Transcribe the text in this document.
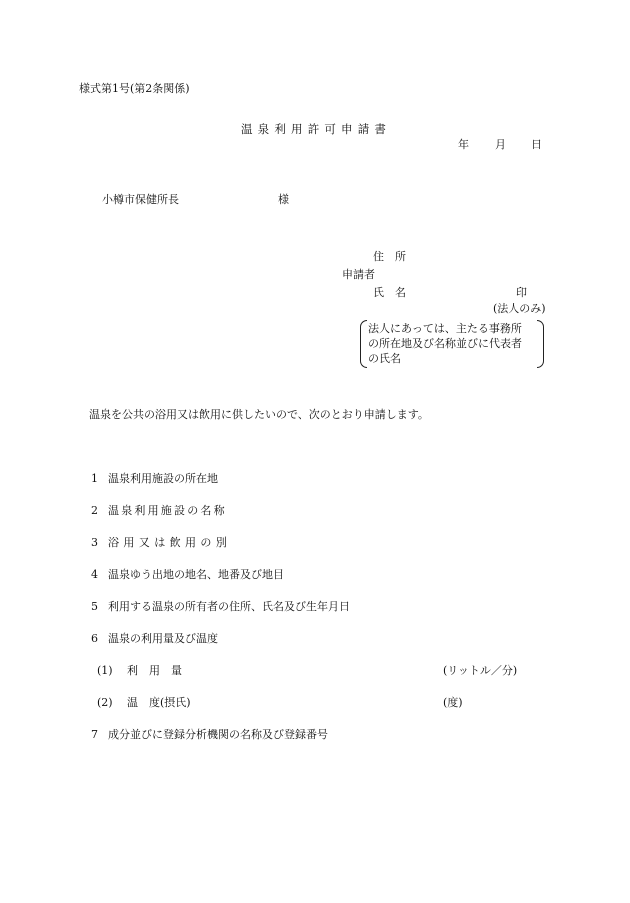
様式第1号(第2条関係)
温泉利用許可申請書
年 月 日
小樽市保健所長	様
住　所
申請者
氏　名	印
(法人のみ)
法人にあっては、主たる事務所
の所在地及び名称並びに代表者
の氏名
温泉を公共の浴用又は飲用に供したいので、次のとおり申請します。
1 温泉利用施設の所在地
2 温泉利用施設の名称
3 浴用又は飲用の別
4 温泉ゆう出地の地名、地番及び地目
5 利用する温泉の所有者の住所、氏名及び生年月日
6 温泉の利用量及び温度
(1) 利　用　量	(リットル／分)
(2) 温　度(摂氏)	(度)
7 成分並びに登録分析機関の名称及び登録番号
